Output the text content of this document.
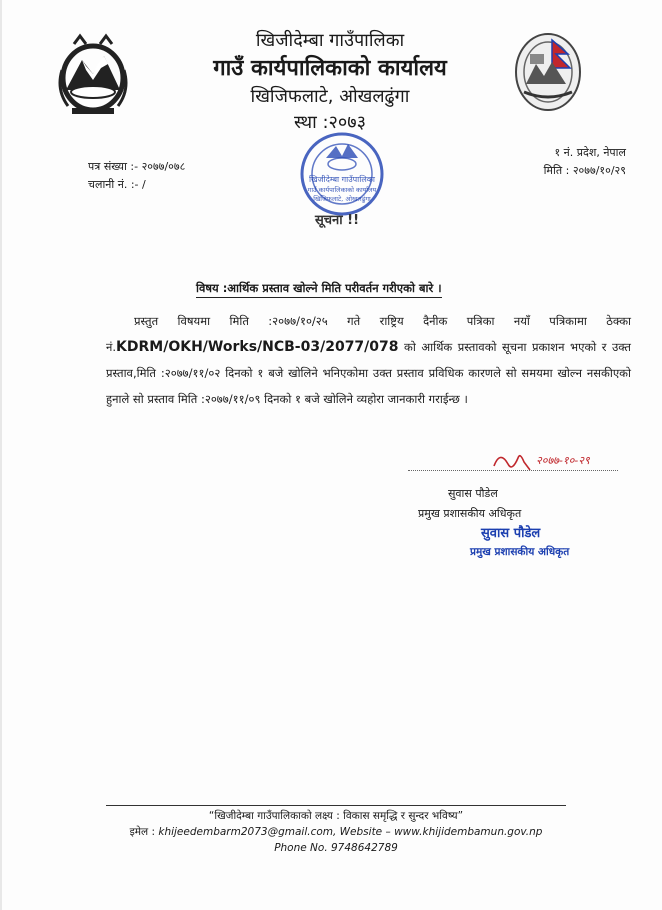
खिजीदेम्बा गाउँपालिका
गाउँ कार्यपालिकाको कार्यालय
खिजिफलाटे, ओखलढुंगा
स्था :२०७३
पत्र संख्या :- २०७७/०७८
चलानी नं. :- /
१ नं. प्रदेश, नेपाल
मिति : २०७७/१०/२९
खिजीदेम्बा गाउँपालिका
गाउँ कार्यपालिकाको कार्यालय
खिजिफलाटे, ओखलढुंगा
सूचना !!
विषय :आर्थिक प्रस्ताव खोल्ने मिति परीवर्तन गरीएको बारे ।
प्रस्तुत विषयमा मिति :२०७७/१०/२५ गते राष्ट्रिय दैनीक पत्रिका नयाँ पत्रिकामा ठेक्का नं.KDRM/OKH/Works/NCB-03/2077/078 को आर्थिक प्रस्तावको सूचना प्रकाशन भएको र उक्त प्रस्ताव,मिति :२०७७/११/०२ दिनको १ बजे खोलिने भनिएकोमा उक्त प्रस्ताव प्रविधिक कारणले सो समयमा खोल्न नसकीएको हुनाले सो प्रस्ताव मिति :२०७७/११/०९ दिनको १ बजे खोलिने व्यहोरा जानकारी गराईन्छ ।
२०७७-१०-२९
सुवास पौडेल
प्रमुख प्रशासकीय अधिकृत
सुवास पौडेल
प्रमुख प्रशासकीय अधिकृत
“खिजीदेम्बा गाउँपालिकाको लक्ष्य : विकास समृद्धि र सुन्दर भविष्य”
इमेल : khijeedembarm2073@gmail.com, Website – www.khijidembamun.gov.np
Phone No. 9748642789
